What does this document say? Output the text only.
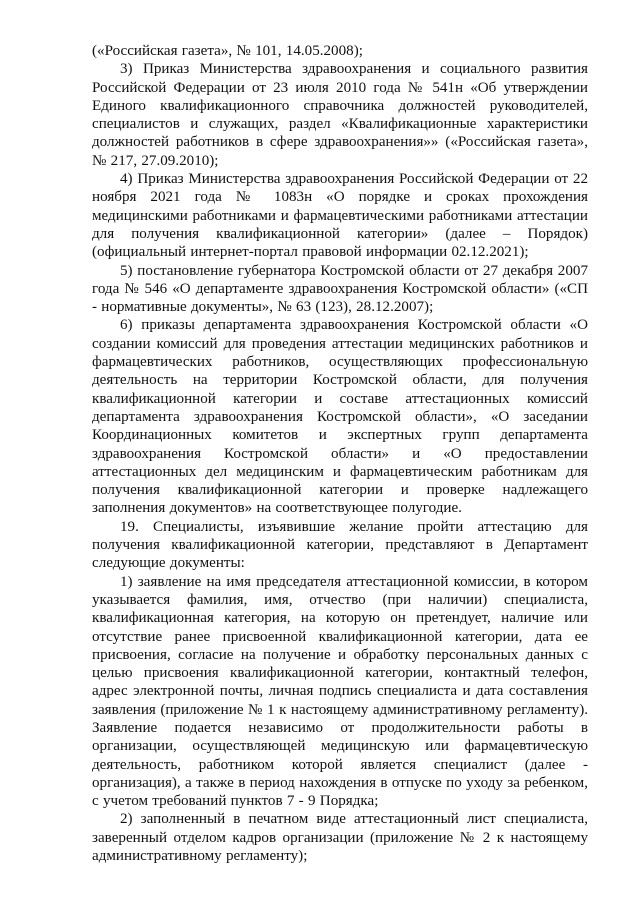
(«Российская газета», № 101, 14.05.2008);

3) Приказ Министерства здравоохранения и социального развития Российской Федерации от 23 июля 2010 года № 541н «Об утверждении Единого квалификационного справочника должностей руководителей, специалистов и служащих, раздел «Квалификационные характеристики должностей работников в сфере здравоохранения»» («Российская газета», № 217, 27.09.2010);

4) Приказ Министерства здравоохранения Российской Федерации от 22 ноября 2021 года № 1083н «О порядке и сроках прохождения медицинскими работниками и фармацевтическими работниками аттестации для получения квалификационной категории» (далее – Порядок) (официальный интернет-портал правовой информации 02.12.2021);

5) постановление губернатора Костромской области от 27 декабря 2007 года № 546 «О департаменте здравоохранения Костромской области» («СП - нормативные документы», № 63 (123), 28.12.2007);

6) приказы департамента здравоохранения Костромской области «О создании комиссий для проведения аттестации медицинских работников и фармацевтических работников, осуществляющих профессиональную деятельность на территории Костромской области, для получения квалификационной категории и составе аттестационных комиссий департамента здравоохранения Костромской области», «О заседании Координационных комитетов и экспертных групп департамента здравоохранения Костромской области» и «О предоставлении аттестационных дел медицинским и фармацевтическим работникам для получения квалификационной категории и проверке надлежащего заполнения документов» на соответствующее полугодие.

19. Специалисты, изъявившие желание пройти аттестацию для получения квалификационной категории, представляют в Департамент следующие документы:

1) заявление на имя председателя аттестационной комиссии, в котором указывается фамилия, имя, отчество (при наличии) специалиста, квалификационная категория, на которую он претендует, наличие или отсутствие ранее присвоенной квалификационной категории, дата ее присвоения, согласие на получение и обработку персональных данных с целью присвоения квалификационной категории, контактный телефон, адрес электронной почты, личная подпись специалиста и дата составления заявления (приложение № 1 к настоящему административному регламенту). Заявление подается независимо от продолжительности работы в организации, осуществляющей медицинскую или фармацевтическую деятельность, работником которой является специалист (далее - организация), а также в период нахождения в отпуске по уходу за ребенком, с учетом требований пунктов 7 - 9 Порядка;

2) заполненный в печатном виде аттестационный лист специалиста, заверенный отделом кадров организации (приложение № 2 к настоящему административному регламенту);
